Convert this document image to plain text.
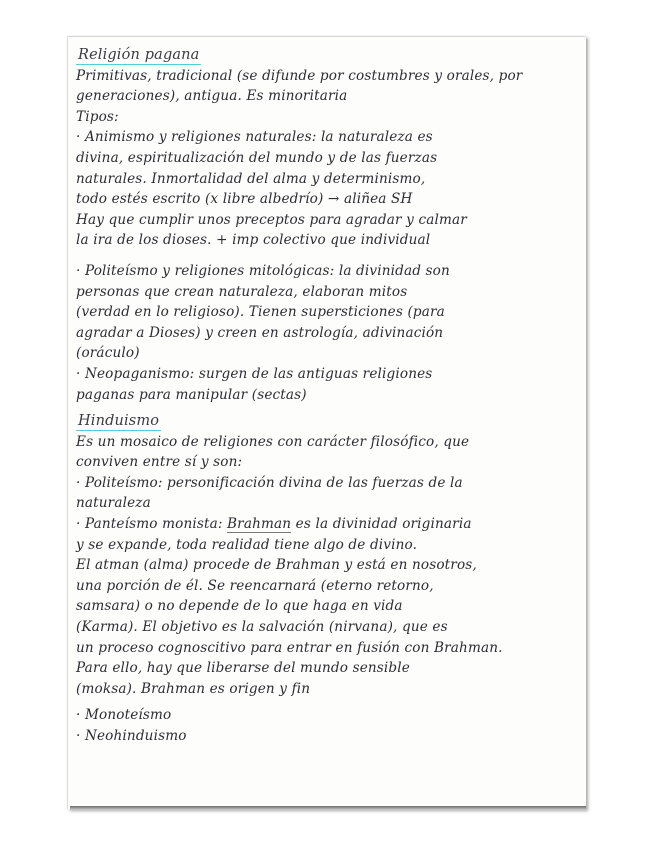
Religión pagana
Primitivas, tradicional (se difunde por costumbres y orales, por
generaciones), antigua. Es minoritaria
Tipos:
· Animismo y religiones naturales: la naturaleza es
divina, espiritualización del mundo y de las fuerzas
naturales. Inmortalidad del alma y determinismo,
todo estés escrito (x libre albedrío) → aliñea SH
Hay que cumplir unos preceptos para agradar y calmar
la ira de los dioses. + imp colectivo que individual
· Politeísmo y religiones mitológicas: la divinidad son
personas que crean naturaleza, elaboran mitos
(verdad en lo religioso). Tienen supersticiones (para
agradar a Dioses) y creen en astrología, adivinación
(oráculo)
· Neopaganismo: surgen de las antiguas religiones
paganas para manipular (sectas)
Hinduismo
Es un mosaico de religiones con carácter filosófico, que
conviven entre sí y son:
· Politeísmo: personificación divina de las fuerzas de la
naturaleza
· Panteísmo monista: Brahman es la divinidad originaria
y se expande, toda realidad tiene algo de divino.
El atman (alma) procede de Brahman y está en nosotros,
una porción de él. Se reencarnará (eterno retorno,
samsara) o no depende de lo que haga en vida
(Karma). El objetivo es la salvación (nirvana), que es
un proceso cognoscitivo para entrar en fusión con Brahman.
Para ello, hay que liberarse del mundo sensible
(moksa). Brahman es origen y fin
· Monoteísmo
· Neohinduismo
